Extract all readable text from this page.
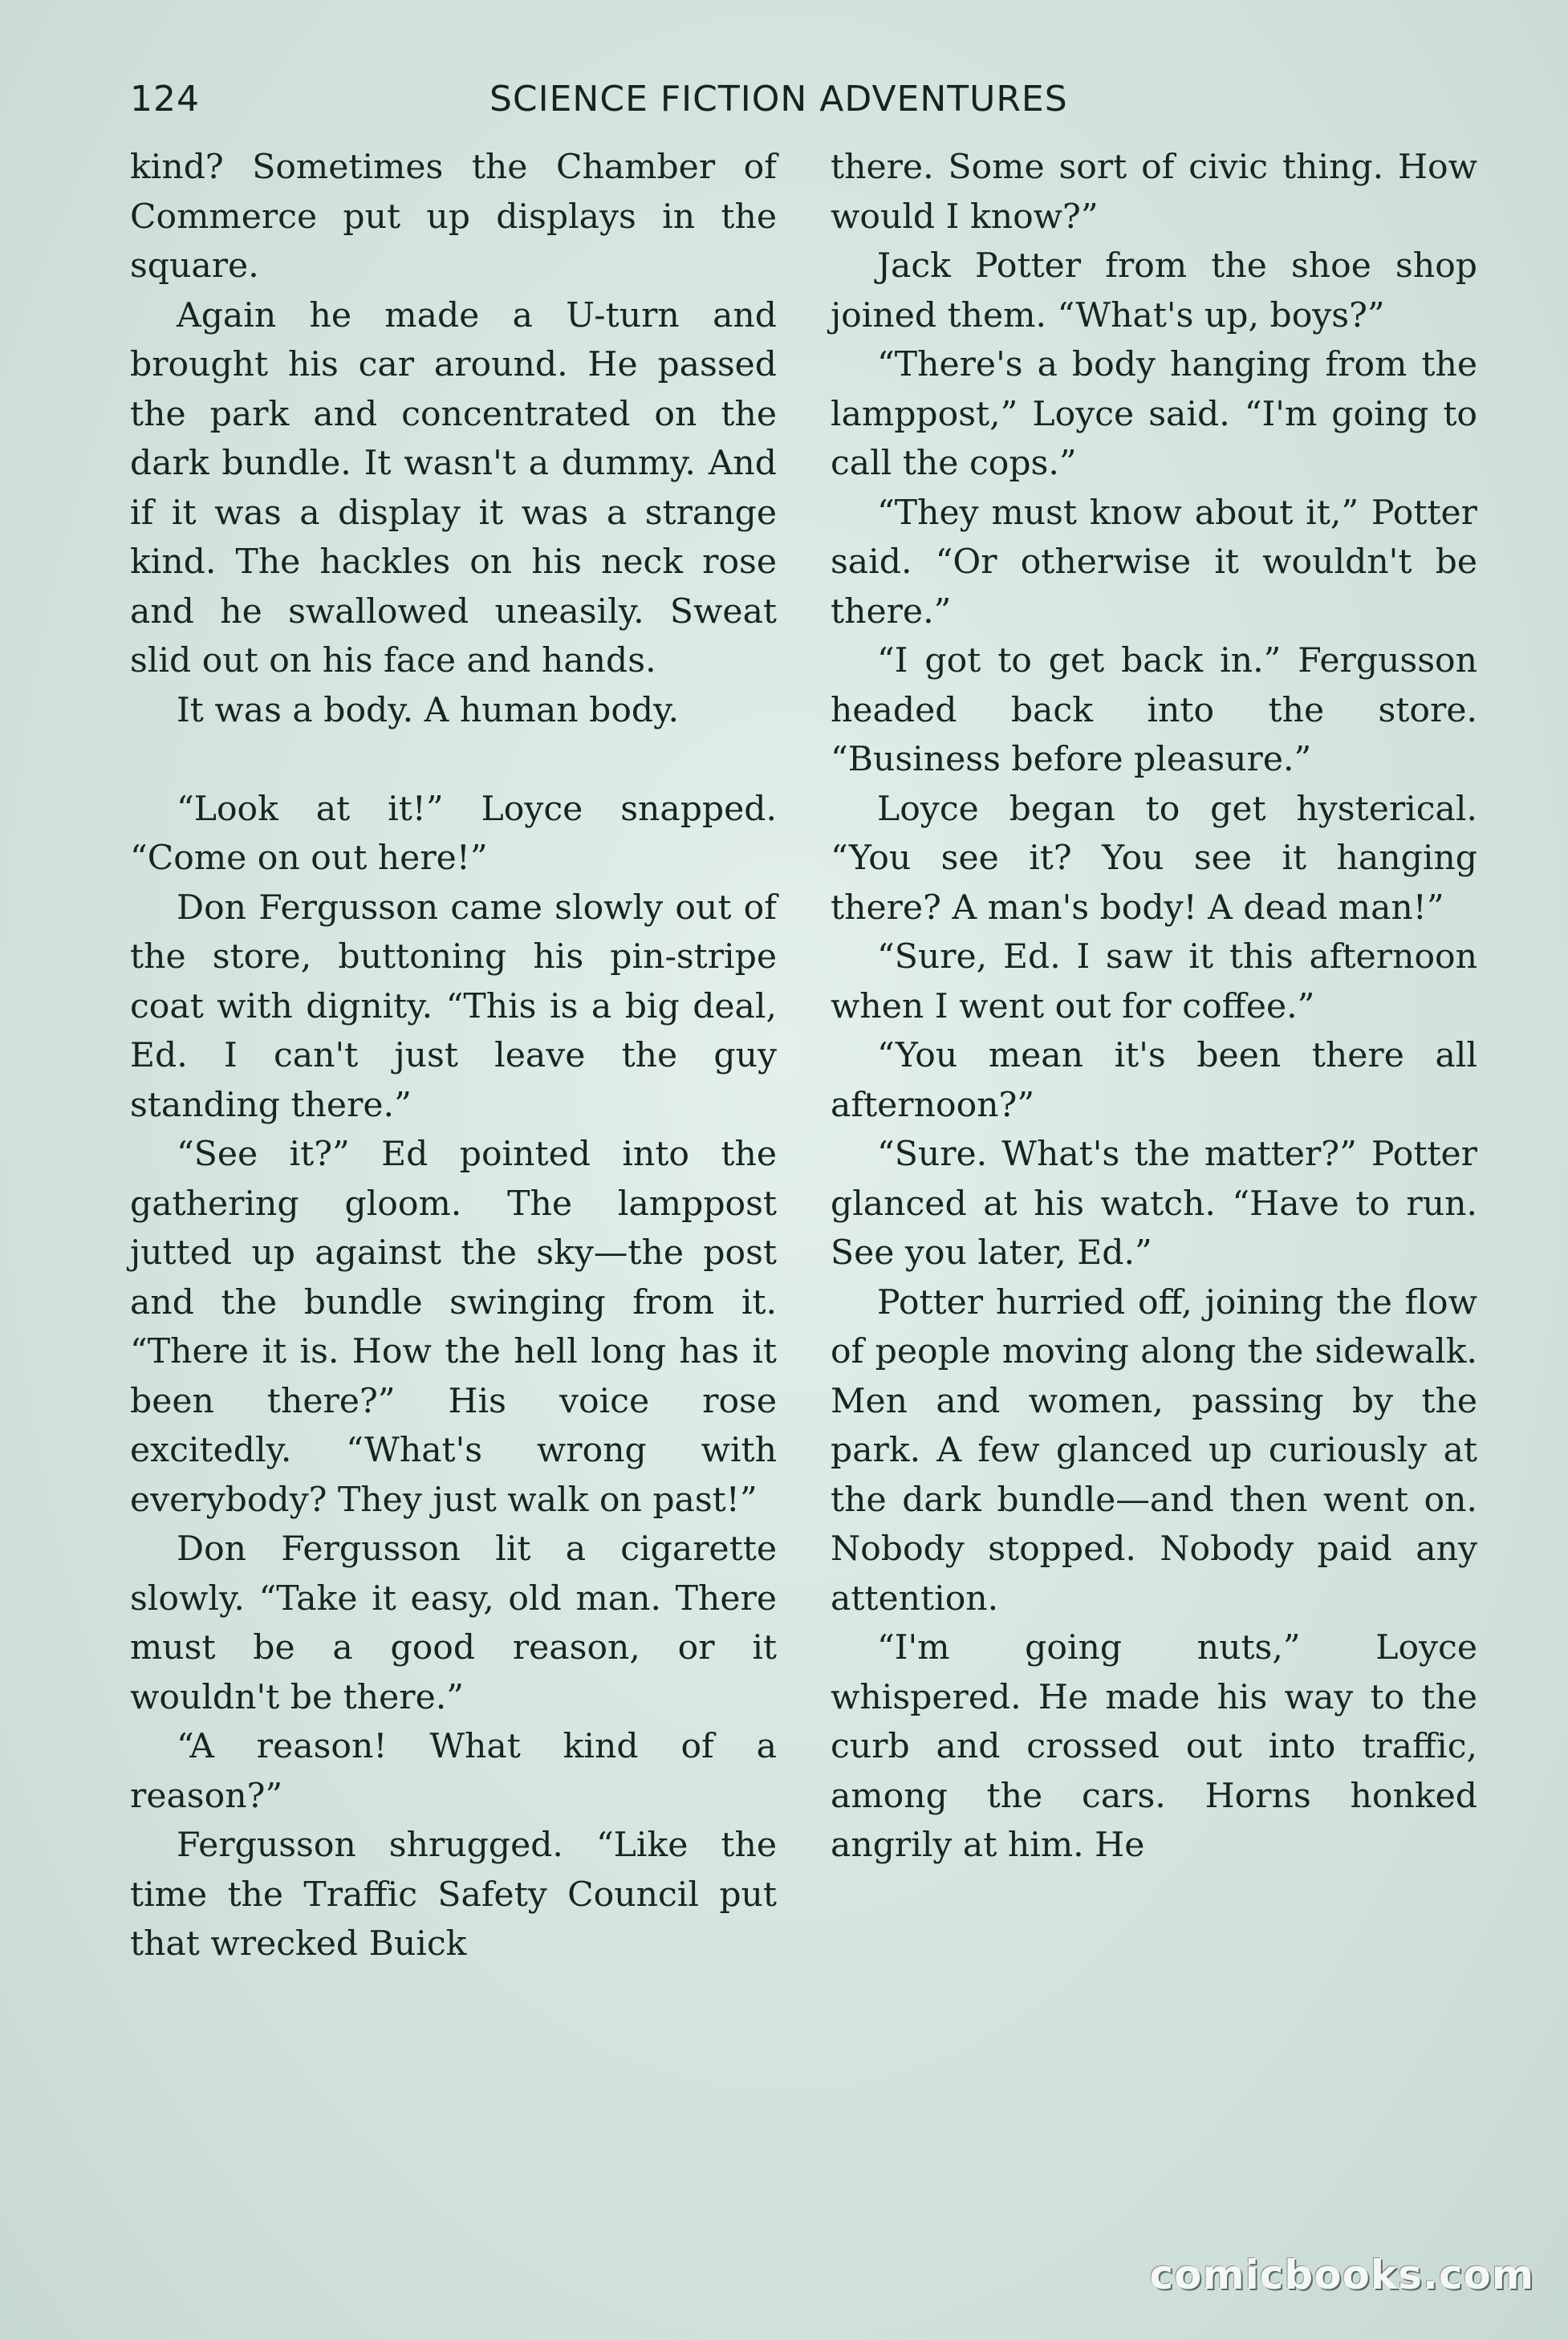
124	SCIENCE FICTION ADVENTURES

kind? Sometimes the Chamber of Commerce put up displays in the square.

Again he made a U-turn and brought his car around. He passed the park and concentrated on the dark bundle. It wasn't a dummy. And if it was a display it was a strange kind. The hackles on his neck rose and he swallowed uneasily. Sweat slid out on his face and hands.

It was a body. A human body.

“Look at it!” Loyce snapped. “Come on out here!”

Don Fergusson came slowly out of the store, buttoning his pin-stripe coat with dignity. “This is a big deal, Ed. I can't just leave the guy standing there.”

“See it?” Ed pointed into the gathering gloom. The lamppost jutted up against the sky—the post and the bundle swinging from it. “There it is. How the hell long has it been there?” His voice rose excitedly. “What's wrong with everybody? They just walk on past!”

Don Fergusson lit a cigarette slowly. “Take it easy, old man. There must be a good reason, or it wouldn't be there.”

“A reason! What kind of a reason?”

Fergusson shrugged. “Like the time the Traffic Safety Council put that wrecked Buick

there. Some sort of civic thing. How would I know?”

Jack Potter from the shoe shop joined them. “What's up, boys?”

“There's a body hanging from the lamppost,” Loyce said. “I'm going to call the cops.”

“They must know about it,” Potter said. “Or otherwise it wouldn't be there.”

“I got to get back in.” Fergusson headed back into the store. “Business before pleasure.”

Loyce began to get hysterical. “You see it? You see it hanging there? A man's body! A dead man!”

“Sure, Ed. I saw it this afternoon when I went out for coffee.”

“You mean it's been there all afternoon?”

“Sure. What's the matter?” Potter glanced at his watch. “Have to run. See you later, Ed.”

Potter hurried off, joining the flow of people moving along the sidewalk. Men and women, passing by the park. A few glanced up curiously at the dark bundle—and then went on. Nobody stopped. Nobody paid any attention.

“I'm going nuts,” Loyce whispered. He made his way to the curb and crossed out into traffic, among the cars. Horns honked angrily at him. He

comicbooks.com
